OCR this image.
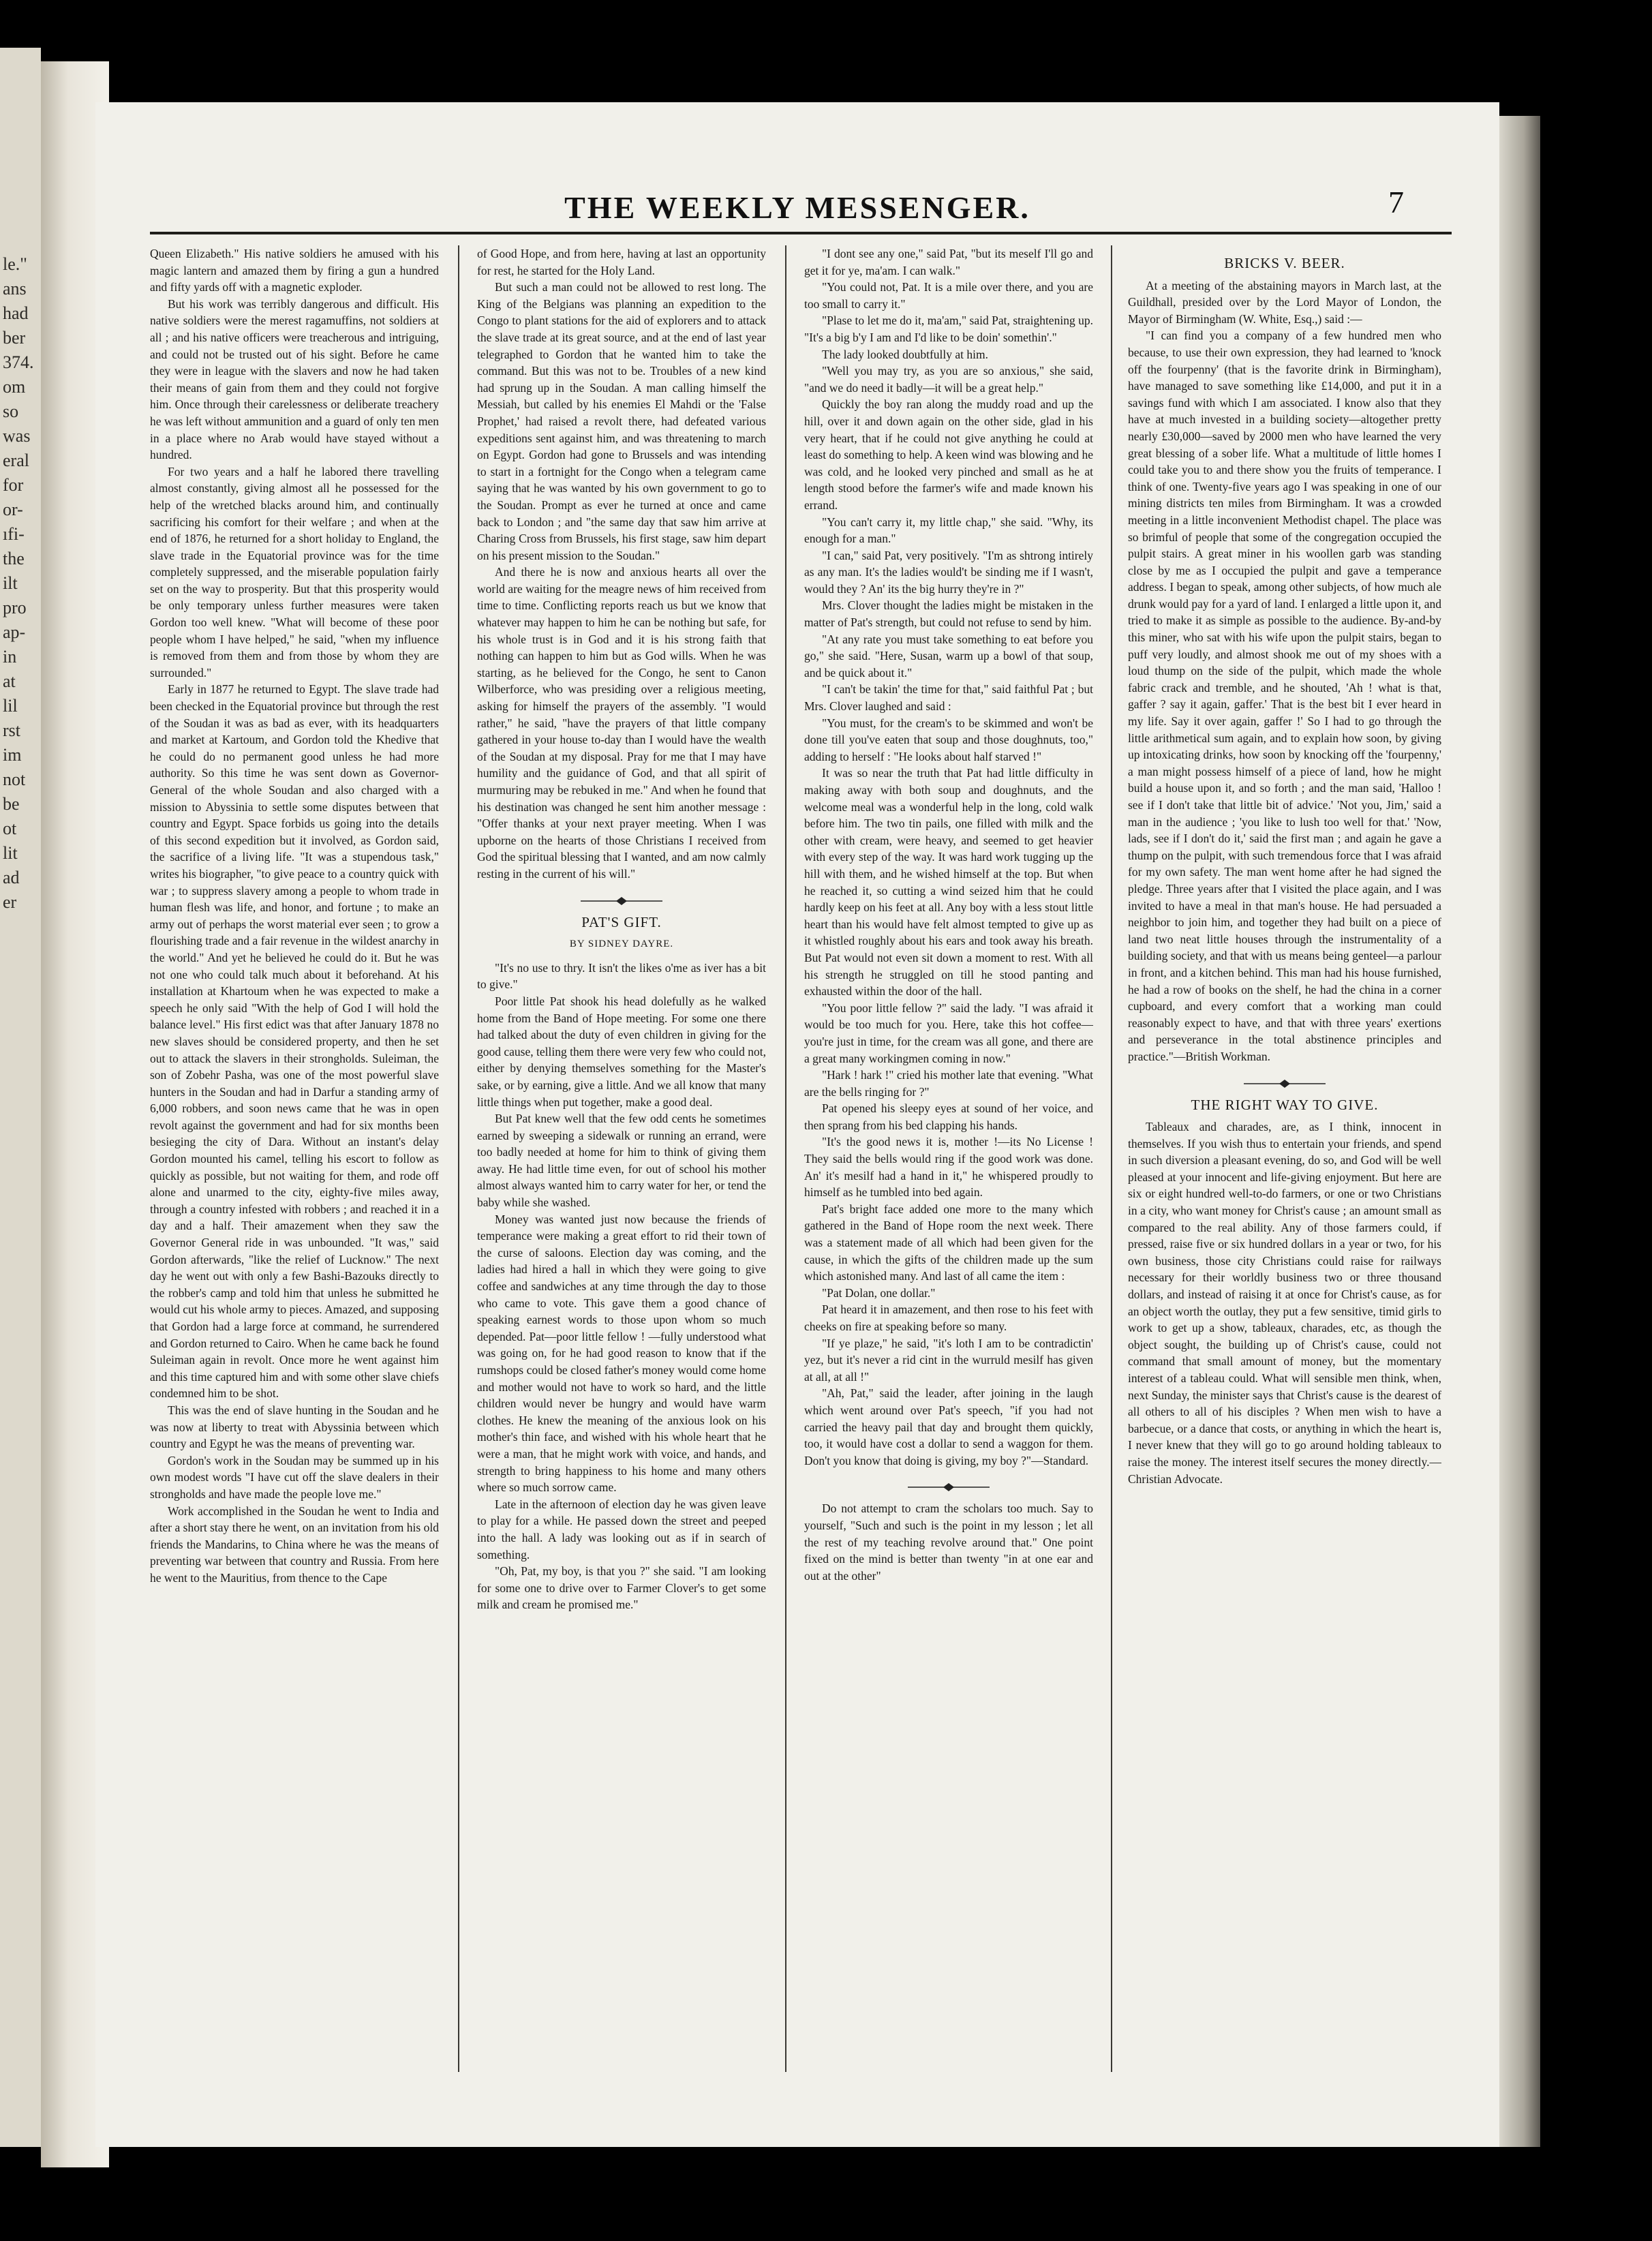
le."
ans
had
ber
374.
om
so
was
eral
for
or-
ıfi-
the
ilt
pro
ap-
in
at
lil
rst
im
not
be
ot
lit
ad
er
THE WEEKLY MESSENGER.	7

Queen Elizabeth." His native soldiers he amused with his magic lantern and amazed them by firing a gun a hundred and fifty yards off with a magnetic exploder.

But his work was terribly dangerous and difficult. His native soldiers were the merest ragamuffins, not soldiers at all ; and his native officers were treacherous and intriguing, and could not be trusted out of his sight. Before he came they were in league with the slavers and now he had taken their means of gain from them and they could not forgive him. Once through their carelessness or deliberate treachery he was left without ammunition and a guard of only ten men in a place where no Arab would have stayed without a hundred.

For two years and a half he labored there travelling almost constantly, giving almost all he possessed for the help of the wretched blacks around him, and continually sacrificing his comfort for their welfare ; and when at the end of 1876, he returned for a short holiday to England, the slave trade in the Equatorial province was for the time completely suppressed, and the miserable population fairly set on the way to prosperity. But that this prosperity would be only temporary unless further measures were taken Gordon too well knew. "What will become of these poor people whom I have helped," he said, "when my influence is removed from them and from those by whom they are surrounded."

Early in 1877 he returned to Egypt. The slave trade had been checked in the Equatorial province but through the rest of the Soudan it was as bad as ever, with its headquarters and market at Kartoum, and Gordon told the Khedive that he could do no permanent good unless he had more authority. So this time he was sent down as Governor-General of the whole Soudan and also charged with a mission to Abyssinia to settle some disputes between that country and Egypt. Space forbids us going into the details of this second expedition but it involved, as Gordon said, the sacrifice of a living life. "It was a stupendous task," writes his biographer, "to give peace to a country quick with war ; to suppress slavery among a people to whom trade in human flesh was life, and honor, and fortune ; to make an army out of perhaps the worst material ever seen ; to grow a flourishing trade and a fair revenue in the wildest anarchy in the world." And yet he believed he could do it. But he was not one who could talk much about it beforehand. At his installation at Khartoum when he was expected to make a speech he only said "With the help of God I will hold the balance level." His first edict was that after January 1878 no new slaves should be considered property, and then he set out to attack the slavers in their strongholds. Suleiman, the son of Zobehr Pasha, was one of the most powerful slave hunters in the Soudan and had in Darfur a standing army of 6,000 robbers, and soon news came that he was in open revolt against the government and had for six months been besieging the city of Dara. Without an instant's delay Gordon mounted his camel, telling his escort to follow as quickly as possible, but not waiting for them, and rode off alone and unarmed to the city, eighty-five miles away, through a country infested with robbers ; and reached it in a day and a half. Their amazement when they saw the Governor General ride in was unbounded. "It was," said Gordon afterwards, "like the relief of Lucknow." The next day he went out with only a few Bashi-Bazouks directly to the robber's camp and told him that unless he submitted he would cut his whole army to pieces. Amazed, and supposing that Gordon had a large force at command, he surrendered and Gordon returned to Cairo. When he came back he found Suleiman again in revolt. Once more he went against him and this time captured him and with some other slave chiefs condemned him to be shot.

This was the end of slave hunting in the Soudan and he was now at liberty to treat with Abyssinia between which country and Egypt he was the means of preventing war.

Gordon's work in the Soudan may be summed up in his own modest words "I have cut off the slave dealers in their strongholds and have made the people love me."

Work accomplished in the Soudan he went to India and after a short stay there he went, on an invitation from his old friends the Mandarins, to China where he was the means of preventing war between that country and Russia. From here he went to the Mauritius, from thence to the Cape

of Good Hope, and from here, having at last an opportunity for rest, he started for the Holy Land.

But such a man could not be allowed to rest long. The King of the Belgians was planning an expedition to the Congo to plant stations for the aid of explorers and to attack the slave trade at its great source, and at the end of last year telegraphed to Gordon that he wanted him to take the command. But this was not to be. Troubles of a new kind had sprung up in the Soudan. A man calling himself the Messiah, but called by his enemies El Mahdi or the 'False Prophet,' had raised a revolt there, had defeated various expeditions sent against him, and was threatening to march on Egypt. Gordon had gone to Brussels and was intending to start in a fortnight for the Congo when a telegram came saying that he was wanted by his own government to go to the Soudan. Prompt as ever he turned at once and came back to London ; and "the same day that saw him arrive at Charing Cross from Brussels, his first stage, saw him depart on his present mission to the Soudan."

And there he is now and anxious hearts all over the world are waiting for the meagre news of him received from time to time. Conflicting reports reach us but we know that whatever may happen to him he can be nothing but safe, for his whole trust is in God and it is his strong faith that nothing can happen to him but as God wills. When he was starting, as he believed for the Congo, he sent to Canon Wilberforce, who was presiding over a religious meeting, asking for himself the prayers of the assembly. "I would rather," he said, "have the prayers of that little company gathered in your house to-day than I would have the wealth of the Soudan at my disposal. Pray for me that I may have humility and the guidance of God, and that all spirit of murmuring may be rebuked in me." And when he found that his destination was changed he sent him another message : "Offer thanks at your next prayer meeting. When I was upborne on the hearts of those Christians I received from God the spiritual blessing that I wanted, and am now calmly resting in the current of his will."

PAT'S GIFT.
BY SIDNEY DAYRE.

"It's no use to thry. It isn't the likes o'me as iver has a bit to give."

Poor little Pat shook his head dolefully as he walked home from the Band of Hope meeting. For some one there had talked about the duty of even children in giving for the good cause, telling them there were very few who could not, either by denying themselves something for the Master's sake, or by earning, give a little. And we all know that many little things when put together, make a good deal.

But Pat knew well that the few odd cents he sometimes earned by sweeping a sidewalk or running an errand, were too badly needed at home for him to think of giving them away. He had little time even, for out of school his mother almost always wanted him to carry water for her, or tend the baby while she washed.

Money was wanted just now because the friends of temperance were making a great effort to rid their town of the curse of saloons. Election day was coming, and the ladies had hired a hall in which they were going to give coffee and sandwiches at any time through the day to those who came to vote. This gave them a good chance of speaking earnest words to those upon whom so much depended. Pat—poor little fellow ! —fully understood what was going on, for he had good reason to know that if the rumshops could be closed father's money would come home and mother would not have to work so hard, and the little children would never be hungry and would have warm clothes. He knew the meaning of the anxious look on his mother's thin face, and wished with his whole heart that he were a man, that he might work with voice, and hands, and strength to bring happiness to his home and many others where so much sorrow came.

Late in the afternoon of election day he was given leave to play for a while. He passed down the street and peeped into the hall. A lady was looking out as if in search of something.

"Oh, Pat, my boy, is that you ?" she said. "I am looking for some one to drive over to Farmer Clover's to get some milk and cream he promised me."

"I dont see any one," said Pat, "but its meself I'll go and get it for ye, ma'am. I can walk."

"You could not, Pat. It is a mile over there, and you are too small to carry it."

"Plase to let me do it, ma'am," said Pat, straightening up. "It's a big b'y I am and I'd like to be doin' somethin'."

The lady looked doubtfully at him.

"Well you may try, as you are so anxious," she said, "and we do need it badly—it will be a great help."

Quickly the boy ran along the muddy road and up the hill, over it and down again on the other side, glad in his very heart, that if he could not give anything he could at least do something to help. A keen wind was blowing and he was cold, and he looked very pinched and small as he at length stood before the farmer's wife and made known his errand.

"You can't carry it, my little chap," she said. "Why, its enough for a man."

"I can," said Pat, very positively. "I'm as shtrong intirely as any man. It's the ladies would't be sinding me if I wasn't, would they ? An' its the big hurry they're in ?"

Mrs. Clover thought the ladies might be mistaken in the matter of Pat's strength, but could not refuse to send by him.

"At any rate you must take something to eat before you go," she said. "Here, Susan, warm up a bowl of that soup, and be quick about it."

"I can't be takin' the time for that," said faithful Pat ; but Mrs. Clover laughed and said :

"You must, for the cream's to be skimmed and won't be done till you've eaten that soup and those doughnuts, too," adding to herself : "He looks about half starved !"

It was so near the truth that Pat had little difficulty in making away with both soup and doughnuts, and the welcome meal was a wonderful help in the long, cold walk before him. The two tin pails, one filled with milk and the other with cream, were heavy, and seemed to get heavier with every step of the way. It was hard work tugging up the hill with them, and he wished himself at the top. But when he reached it, so cutting a wind seized him that he could hardly keep on his feet at all. Any boy with a less stout little heart than his would have felt almost tempted to give up as it whistled roughly about his ears and took away his breath. But Pat would not even sit down a moment to rest. With all his strength he struggled on till he stood panting and exhausted within the door of the hall.

"You poor little fellow ?" said the lady. "I was afraid it would be too much for you. Here, take this hot coffee—you're just in time, for the cream was all gone, and there are a great many workingmen coming in now."

"Hark ! hark !" cried his mother late that evening. "What are the bells ringing for ?"

Pat opened his sleepy eyes at sound of her voice, and then sprang from his bed clapping his hands.

"It's the good news it is, mother !—its No License ! They said the bells would ring if the good work was done. An' it's mesilf had a hand in it," he whispered proudly to himself as he tumbled into bed again.

Pat's bright face added one more to the many which gathered in the Band of Hope room the next week. There was a statement made of all which had been given for the cause, in which the gifts of the children made up the sum which astonished many. And last of all came the item :

"Pat Dolan, one dollar."

Pat heard it in amazement, and then rose to his feet with cheeks on fire at speaking before so many.

"If ye plaze," he said, "it's loth I am to be contradictin' yez, but it's never a rid cint in the wurruld mesilf has given at all, at all !"

"Ah, Pat," said the leader, after joining in the laugh which went around over Pat's speech, "if you had not carried the heavy pail that day and brought them quickly, too, it would have cost a dollar to send a waggon for them. Don't you know that doing is giving, my boy ?"—Standard.

Do not attempt to cram the scholars too much. Say to yourself, "Such and such is the point in my lesson ; let all the rest of my teaching revolve around that." One point fixed on the mind is better than twenty "in at one ear and out at the other"

BRICKS V. BEER.

At a meeting of the abstaining mayors in March last, at the Guildhall, presided over by the Lord Mayor of London, the Mayor of Birmingham (W. White, Esq.,) said :—

"I can find you a company of a few hundred men who because, to use their own expression, they had learned to 'knock off the fourpenny' (that is the favorite drink in Birmingham), have managed to save something like £14,000, and put it in a savings fund with which I am associated. I know also that they have at much invested in a building society—altogether pretty nearly £30,000—saved by 2000 men who have learned the very great blessing of a sober life. What a multitude of little homes I could take you to and there show you the fruits of temperance. I think of one. Twenty-five years ago I was speaking in one of our mining districts ten miles from Birmingham. It was a crowded meeting in a little inconvenient Methodist chapel. The place was so brimful of people that some of the congregation occupied the pulpit stairs. A great miner in his woollen garb was standing close by me as I occupied the pulpit and gave a temperance address. I began to speak, among other subjects, of how much ale drunk would pay for a yard of land. I enlarged a little upon it, and tried to make it as simple as possible to the audience. By-and-by this miner, who sat with his wife upon the pulpit stairs, began to puff very loudly, and almost shook me out of my shoes with a loud thump on the side of the pulpit, which made the whole fabric crack and tremble, and he shouted, 'Ah ! what is that, gaffer ? say it again, gaffer.' That is the best bit I ever heard in my life. Say it over again, gaffer !' So I had to go through the little arithmetical sum again, and to explain how soon, by giving up intoxicating drinks, how soon by knocking off the 'fourpenny,' a man might possess himself of a piece of land, how he might build a house upon it, and so forth ; and the man said, 'Halloo ! see if I don't take that little bit of advice.' 'Not you, Jim,' said a man in the audience ; 'you like to lush too well for that.' 'Now, lads, see if I don't do it,' said the first man ; and again he gave a thump on the pulpit, with such tremendous force that I was afraid for my own safety. The man went home after he had signed the pledge. Three years after that I visited the place again, and I was invited to have a meal in that man's house. He had persuaded a neighbor to join him, and together they had built on a piece of land two neat little houses through the instrumentality of a building society, and that with us means being genteel—a parlour in front, and a kitchen behind. This man had his house furnished, he had a row of books on the shelf, he had the china in a corner cupboard, and every comfort that a working man could reasonably expect to have, and that with three years' exertions and perseverance in the total abstinence principles and practice."—British Workman.

THE RIGHT WAY TO GIVE.

Tableaux and charades, are, as I think, innocent in themselves. If you wish thus to entertain your friends, and spend in such diversion a pleasant evening, do so, and God will be well pleased at your innocent and life-giving enjoyment. But here are six or eight hundred well-to-do farmers, or one or two Christians in a city, who want money for Christ's cause ; an amount small as compared to the real ability. Any of those farmers could, if pressed, raise five or six hundred dollars in a year or two, for his own business, those city Christians could raise for railways necessary for their worldly business two or three thousand dollars, and instead of raising it at once for Christ's cause, as for an object worth the outlay, they put a few sensitive, timid girls to work to get up a show, tableaux, charades, etc, as though the object sought, the building up of Christ's cause, could not command that small amount of money, but the momentary interest of a tableau could. What will sensible men think, when, next Sunday, the minister says that Christ's cause is the dearest of all others to all of his disciples ? When men wish to have a barbecue, or a dance that costs, or anything in which the heart is, I never knew that they will go to go around holding tableaux to raise the money. The interest itself secures the money directly.—Christian Advocate.
